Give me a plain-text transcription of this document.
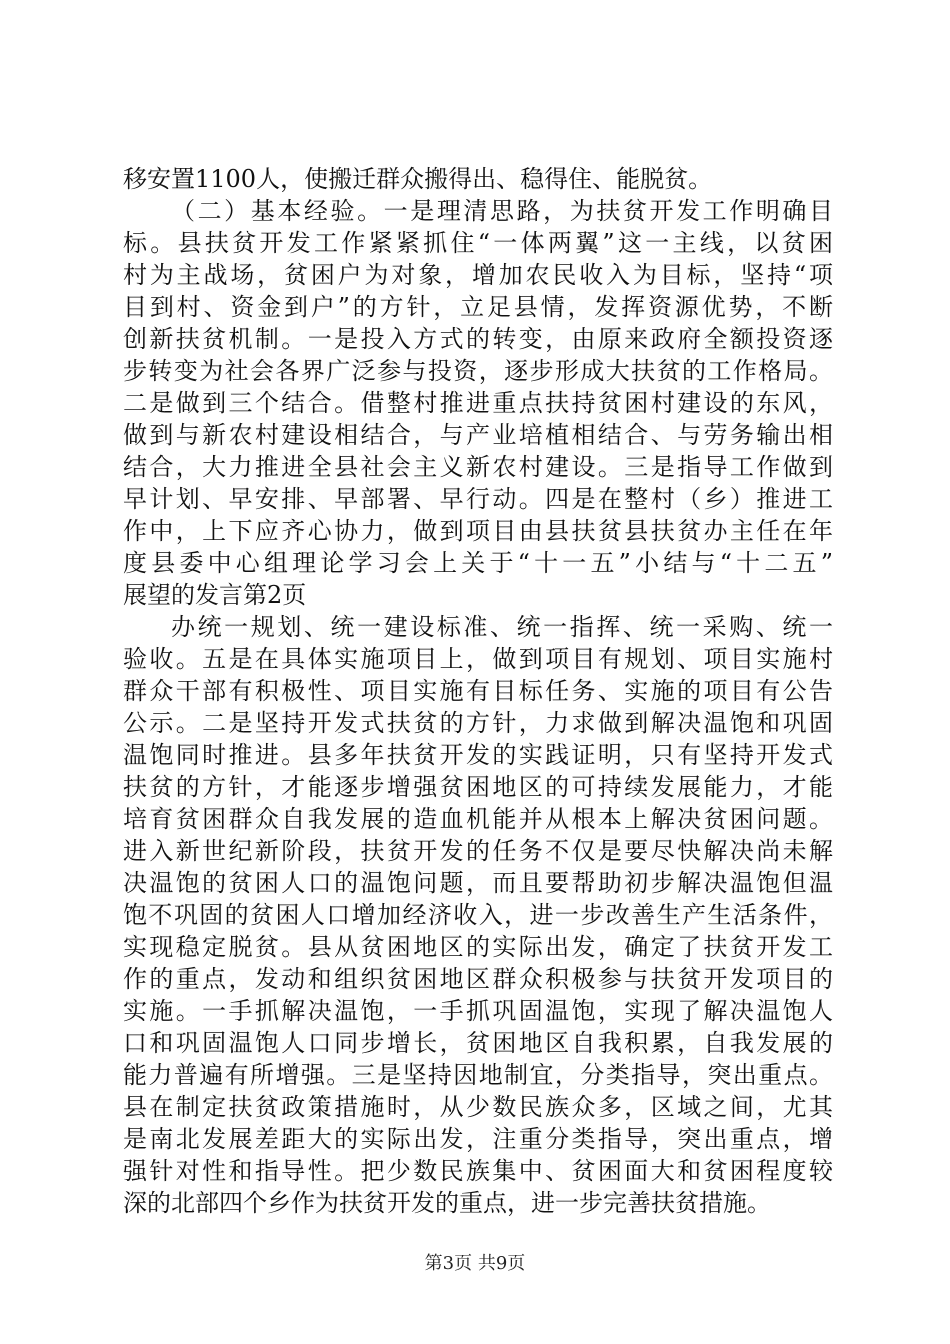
移安置1100人，使搬迁群众搬得出、稳得住、能脱贫。
（二）基本经验。一是理清思路，为扶贫开发工作明确目
标。县扶贫开发工作紧紧抓住“一体两翼”这一主线，以贫困
村为主战场，贫困户为对象，增加农民收入为目标，坚持“项
目到村、资金到户”的方针，立足县情，发挥资源优势，不断
创新扶贫机制。一是投入方式的转变，由原来政府全额投资逐
步转变为社会各界广泛参与投资，逐步形成大扶贫的工作格局。
二是做到三个结合。借整村推进重点扶持贫困村建设的东风，
做到与新农村建设相结合，与产业培植相结合、与劳务输出相
结合，大力推进全县社会主义新农村建设。三是指导工作做到
早计划、早安排、早部署、早行动。四是在整村（乡）推进工
作中，上下应齐心协力，做到项目由县扶贫县扶贫办主任在年
度县委中心组理论学习会上关于“十一五”小结与“十二五”
展望的发言第2页
办统一规划、统一建设标准、统一指挥、统一采购、统一
验收。五是在具体实施项目上，做到项目有规划、项目实施村
群众干部有积极性、项目实施有目标任务、实施的项目有公告
公示。二是坚持开发式扶贫的方针，力求做到解决温饱和巩固
温饱同时推进。县多年扶贫开发的实践证明，只有坚持开发式
扶贫的方针，才能逐步增强贫困地区的可持续发展能力，才能
培育贫困群众自我发展的造血机能并从根本上解决贫困问题。
进入新世纪新阶段，扶贫开发的任务不仅是要尽快解决尚未解
决温饱的贫困人口的温饱问题，而且要帮助初步解决温饱但温
饱不巩固的贫困人口增加经济收入，进一步改善生产生活条件，
实现稳定脱贫。县从贫困地区的实际出发，确定了扶贫开发工
作的重点，发动和组织贫困地区群众积极参与扶贫开发项目的
实施。一手抓解决温饱，一手抓巩固温饱，实现了解决温饱人
口和巩固温饱人口同步增长，贫困地区自我积累，自我发展的
能力普遍有所增强。三是坚持因地制宜，分类指导，突出重点。
县在制定扶贫政策措施时，从少数民族众多，区域之间，尤其
是南北发展差距大的实际出发，注重分类指导，突出重点，增
强针对性和指导性。把少数民族集中、贫困面大和贫困程度较
深的北部四个乡作为扶贫开发的重点，进一步完善扶贫措施。
第3页 共9页
